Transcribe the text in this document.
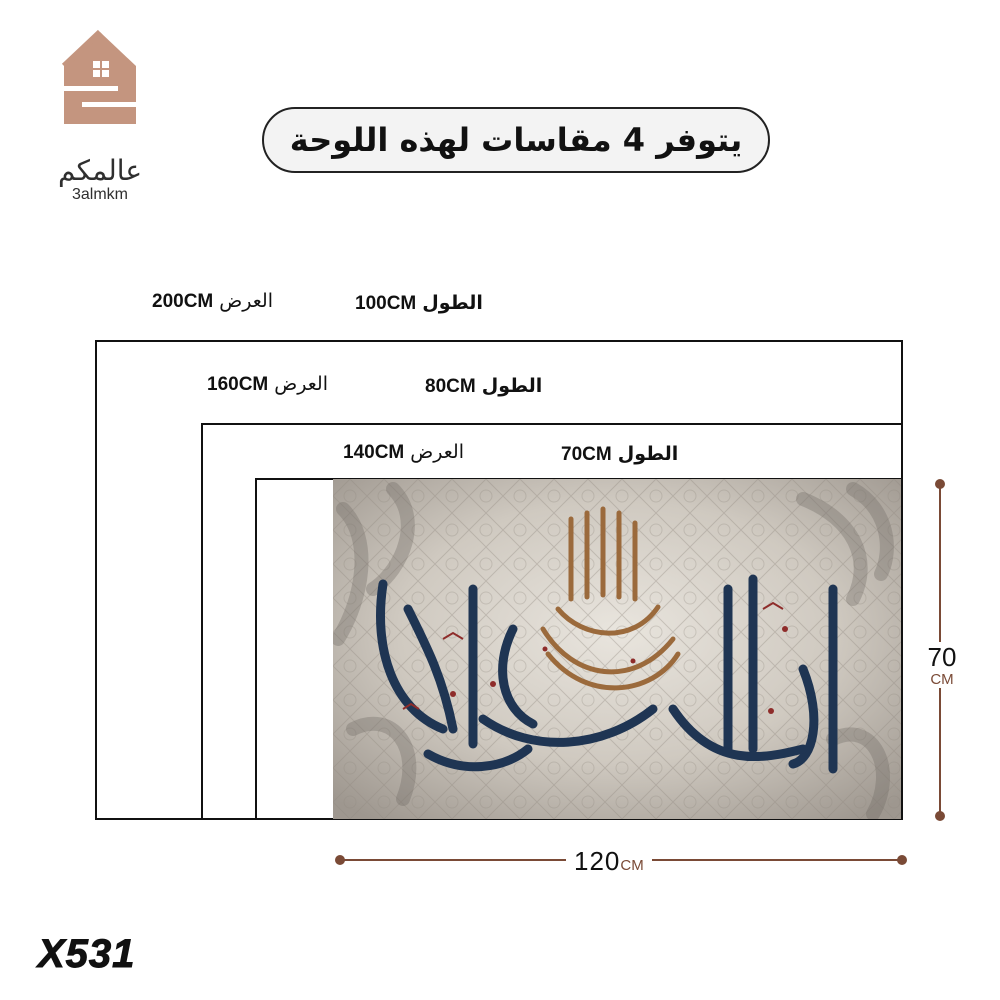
عالمكم
3almkm
يتوفر 4 مقاسات لهذه اللوحة
200CM العرض	100CM الطول
160CM العرض	80CM الطول
140CM العرض	70CM الطول
70
CM
120CM
X531
